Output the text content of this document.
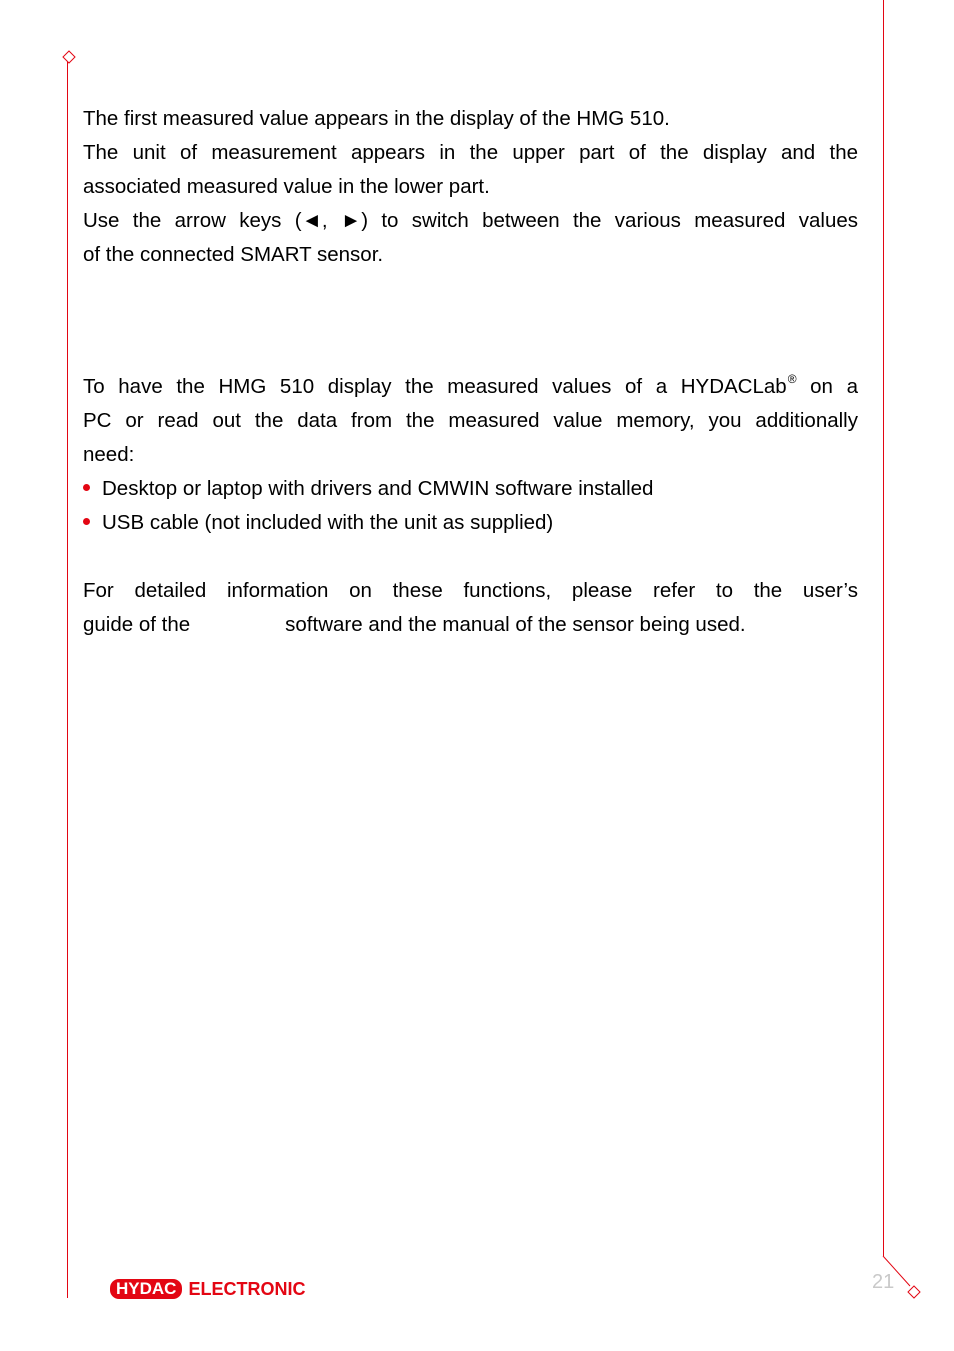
The first measured value appears in the display of the HMG 510.
The unit of measurement appears in the upper part of the display and the
associated measured value in the lower part.
Use the arrow keys (◄, ►) to switch between the various measured values
of the connected SMART sensor.
To have the HMG 510 display the measured values of a HYDACLab® on a
PC or read out the data from the measured value memory, you additionally
need:
Desktop or laptop with drivers and CMWIN software installed
USB cable (not included with the unit as supplied)
For detailed information on these functions, please refer to the user’s
guide of the	software and the manual of the sensor being used.
HYDAC ELECTRONIC	21
